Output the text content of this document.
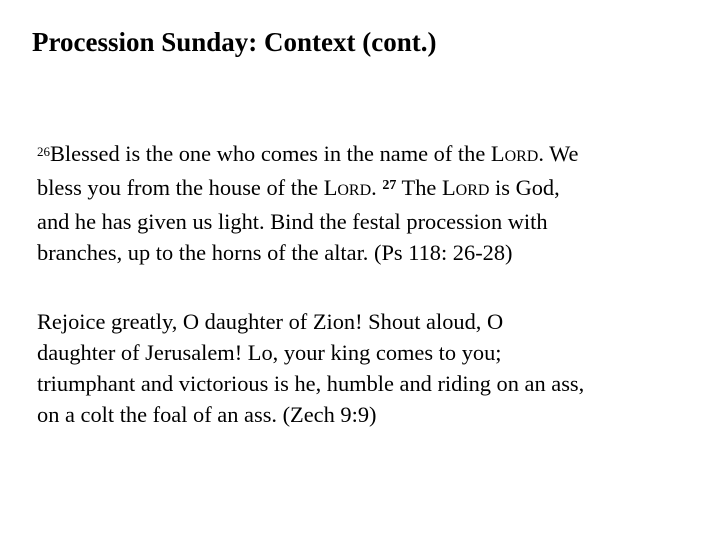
Procession Sunday: Context (cont.)
$^{26}$Blessed is the one who comes in the name of the LORD. We
bless you from the house of the LORD. $^{27}$ The LORD is God,
and he has given us light. Bind the festal procession with
branches, up to the horns of the altar. (Ps 118: 26-28)
Rejoice greatly, O daughter of Zion! Shout aloud, O
daughter of Jerusalem! Lo, your king comes to you;
triumphant and victorious is he, humble and riding on an ass,
on a colt the foal of an ass. (Zech 9:9)
